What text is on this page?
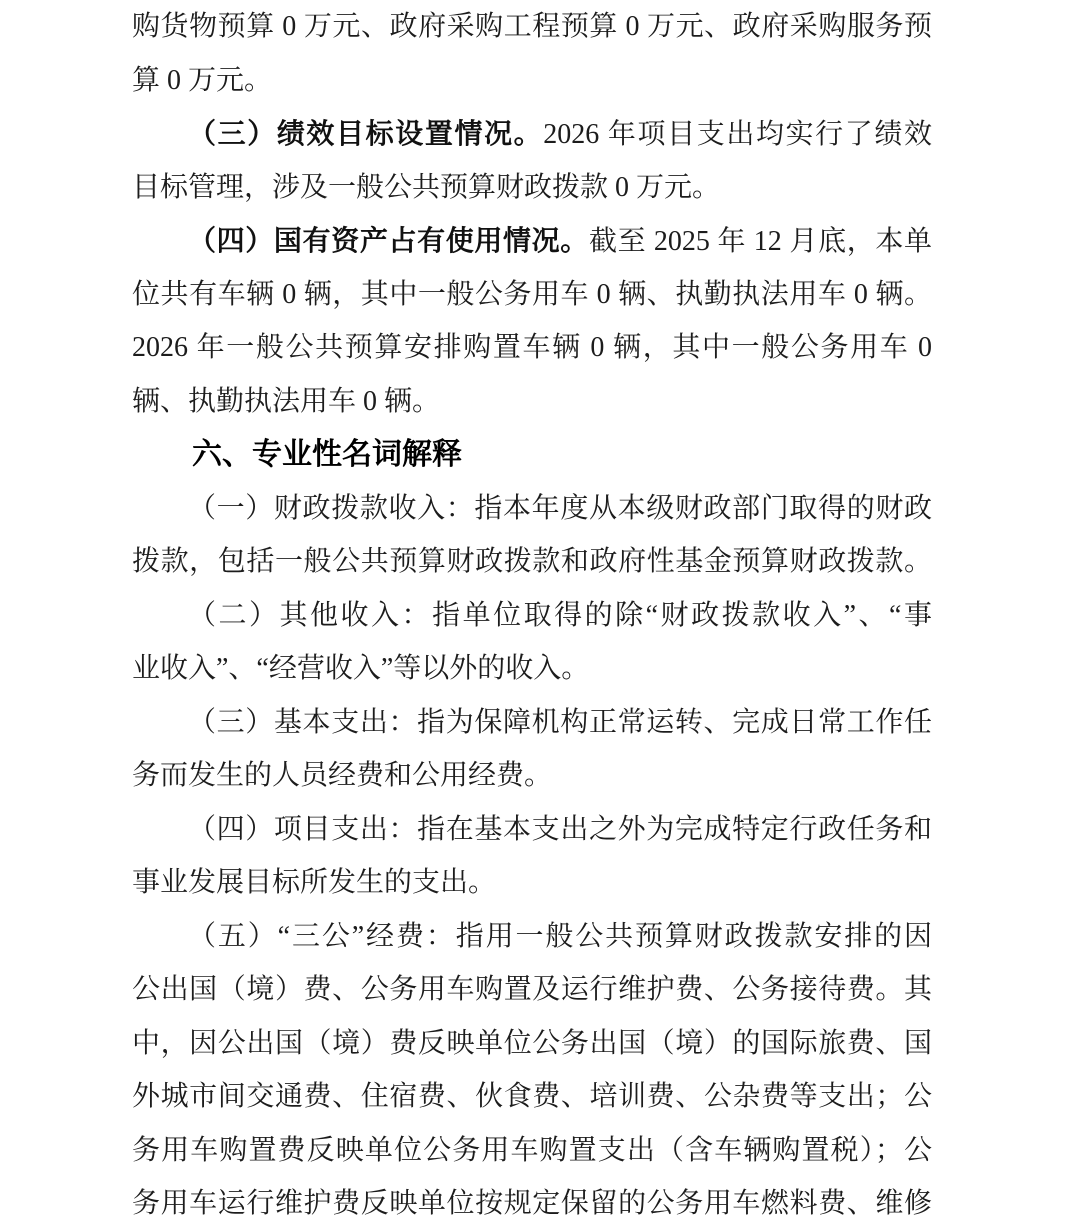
购货物预算 0 万元、政府采购工程预算 0 万元、政府采购服务预
算 0 万元。
（三）绩效目标设置情况。2026 年项目支出均实行了绩效
目标管理，涉及一般公共预算财政拨款 0 万元。
（四）国有资产占有使用情况。截至 2025 年 12 月底，本单
位共有车辆 0 辆，其中一般公务用车 0 辆、执勤执法用车 0 辆。
2026 年一般公共预算安排购置车辆 0 辆，其中一般公务用车 0
辆、执勤执法用车 0 辆。
六、专业性名词解释
（一）财政拨款收入：指本年度从本级财政部门取得的财政
拨款，包括一般公共预算财政拨款和政府性基金预算财政拨款。
（二）其他收入：指单位取得的除“财政拨款收入”、“事
业收入”、“经营收入”等以外的收入。
（三）基本支出：指为保障机构正常运转、完成日常工作任
务而发生的人员经费和公用经费。
（四）项目支出：指在基本支出之外为完成特定行政任务和
事业发展目标所发生的支出。
（五）“三公”经费：指用一般公共预算财政拨款安排的因
公出国（境）费、公务用车购置及运行维护费、公务接待费。其
中，因公出国（境）费反映单位公务出国（境）的国际旅费、国
外城市间交通费、住宿费、伙食费、培训费、公杂费等支出；公
务用车购置费反映单位公务用车购置支出（含车辆购置税）；公
务用车运行维护费反映单位按规定保留的公务用车燃料费、维修
